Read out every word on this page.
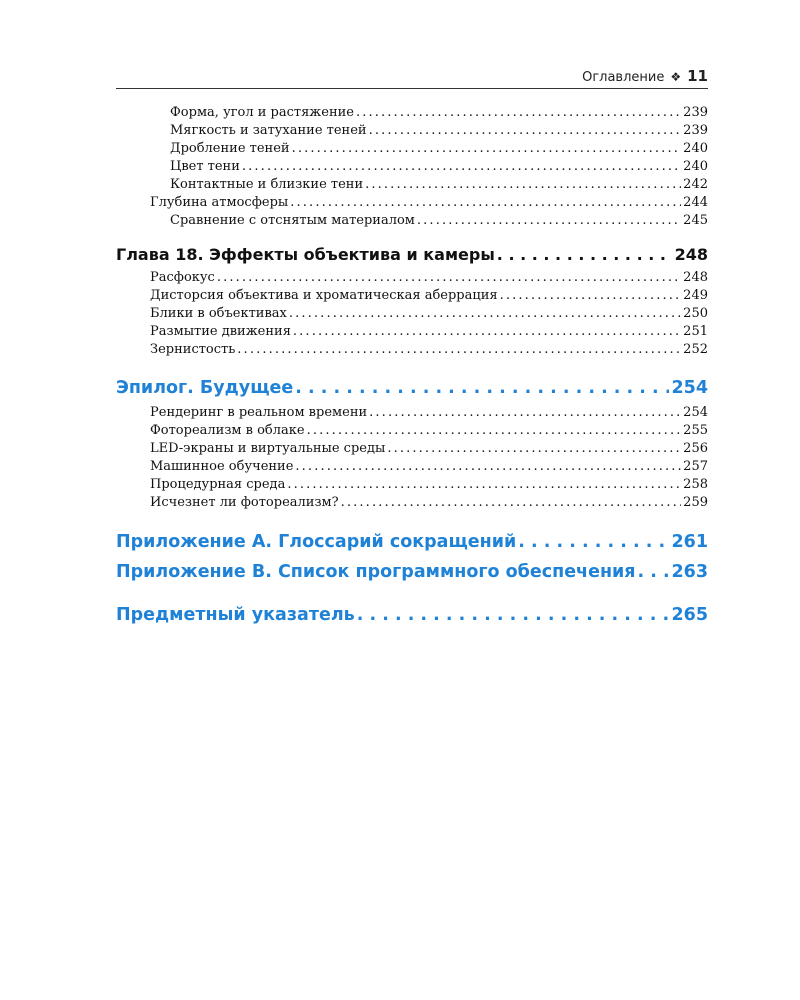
Оглавление ❖ 11
Форма, угол и растяжение . . .	239
Мягкость и затухание теней . . .	239
Дробление теней . . .	240
Цвет тени . . .	240
Контактные и близкие тени . . .	242
Глубина атмосферы . . .	244
Сравнение с отснятым материалом . . .	245
Глава 18. Эффекты объектива и камеры . . .	248
Расфокус . . .	248
Дисторсия объектива и хроматическая аберрация . . .	249
Блики в объективах . . .	250
Размытие движения . . .	251
Зернистость . . .	252
Эпилог. Будущее . . .	254
Рендеринг в реальном времени . . .	254
Фотореализм в облаке . . .	255
LED-экраны и виртуальные среды . . .	256
Машинное обучение . . .	257
Процедурная среда . . .	258
Исчезнет ли фотореализм? . . .	259
Приложение А. Глоссарий сокращений . . .	261
Приложение В. Список программного обеспечения . . . 263
Предметный указатель . . .	265
